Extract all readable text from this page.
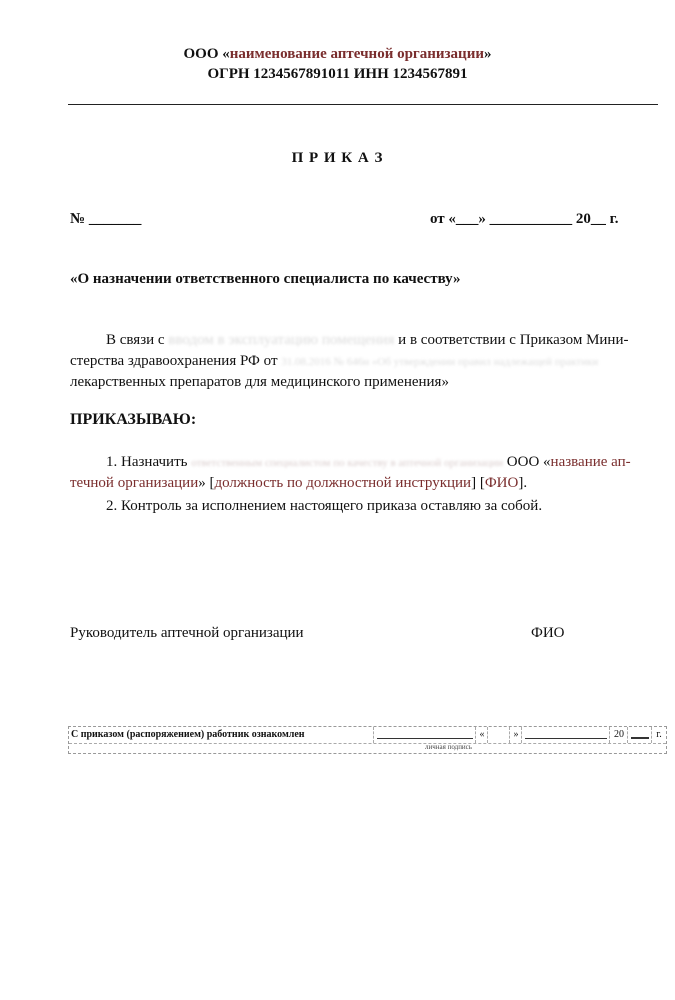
ООО «наименование аптечной организации»
ОГРН 1234567891011 ИНН 1234567891
П Р И К А З
№ _______	от «___» ___________ 20__ г.
«О назначении ответственного специалиста по качеству»
В связи с вводом в эксплуатацию помещения и в соответствии с Приказом Мини-
стерства здравоохранения РФ от 31.08.2016 № 646н «Об утверждении правил надлежащей практики
лекарственных препаратов для медицинского применения»
ПРИКАЗЫВАЮ:
1. Назначить ответственным специалистом по качеству в аптечной организации ООО «название ап-
течной организации» [должность по должностной инструкции] [ФИО].
2. Контроль за исполнением настоящего приказа оставляю за собой.
Руководитель аптечной организации	ФИО
С приказом (распоряжением) работник ознакомлен	«	»	20	г.
личная подпись
